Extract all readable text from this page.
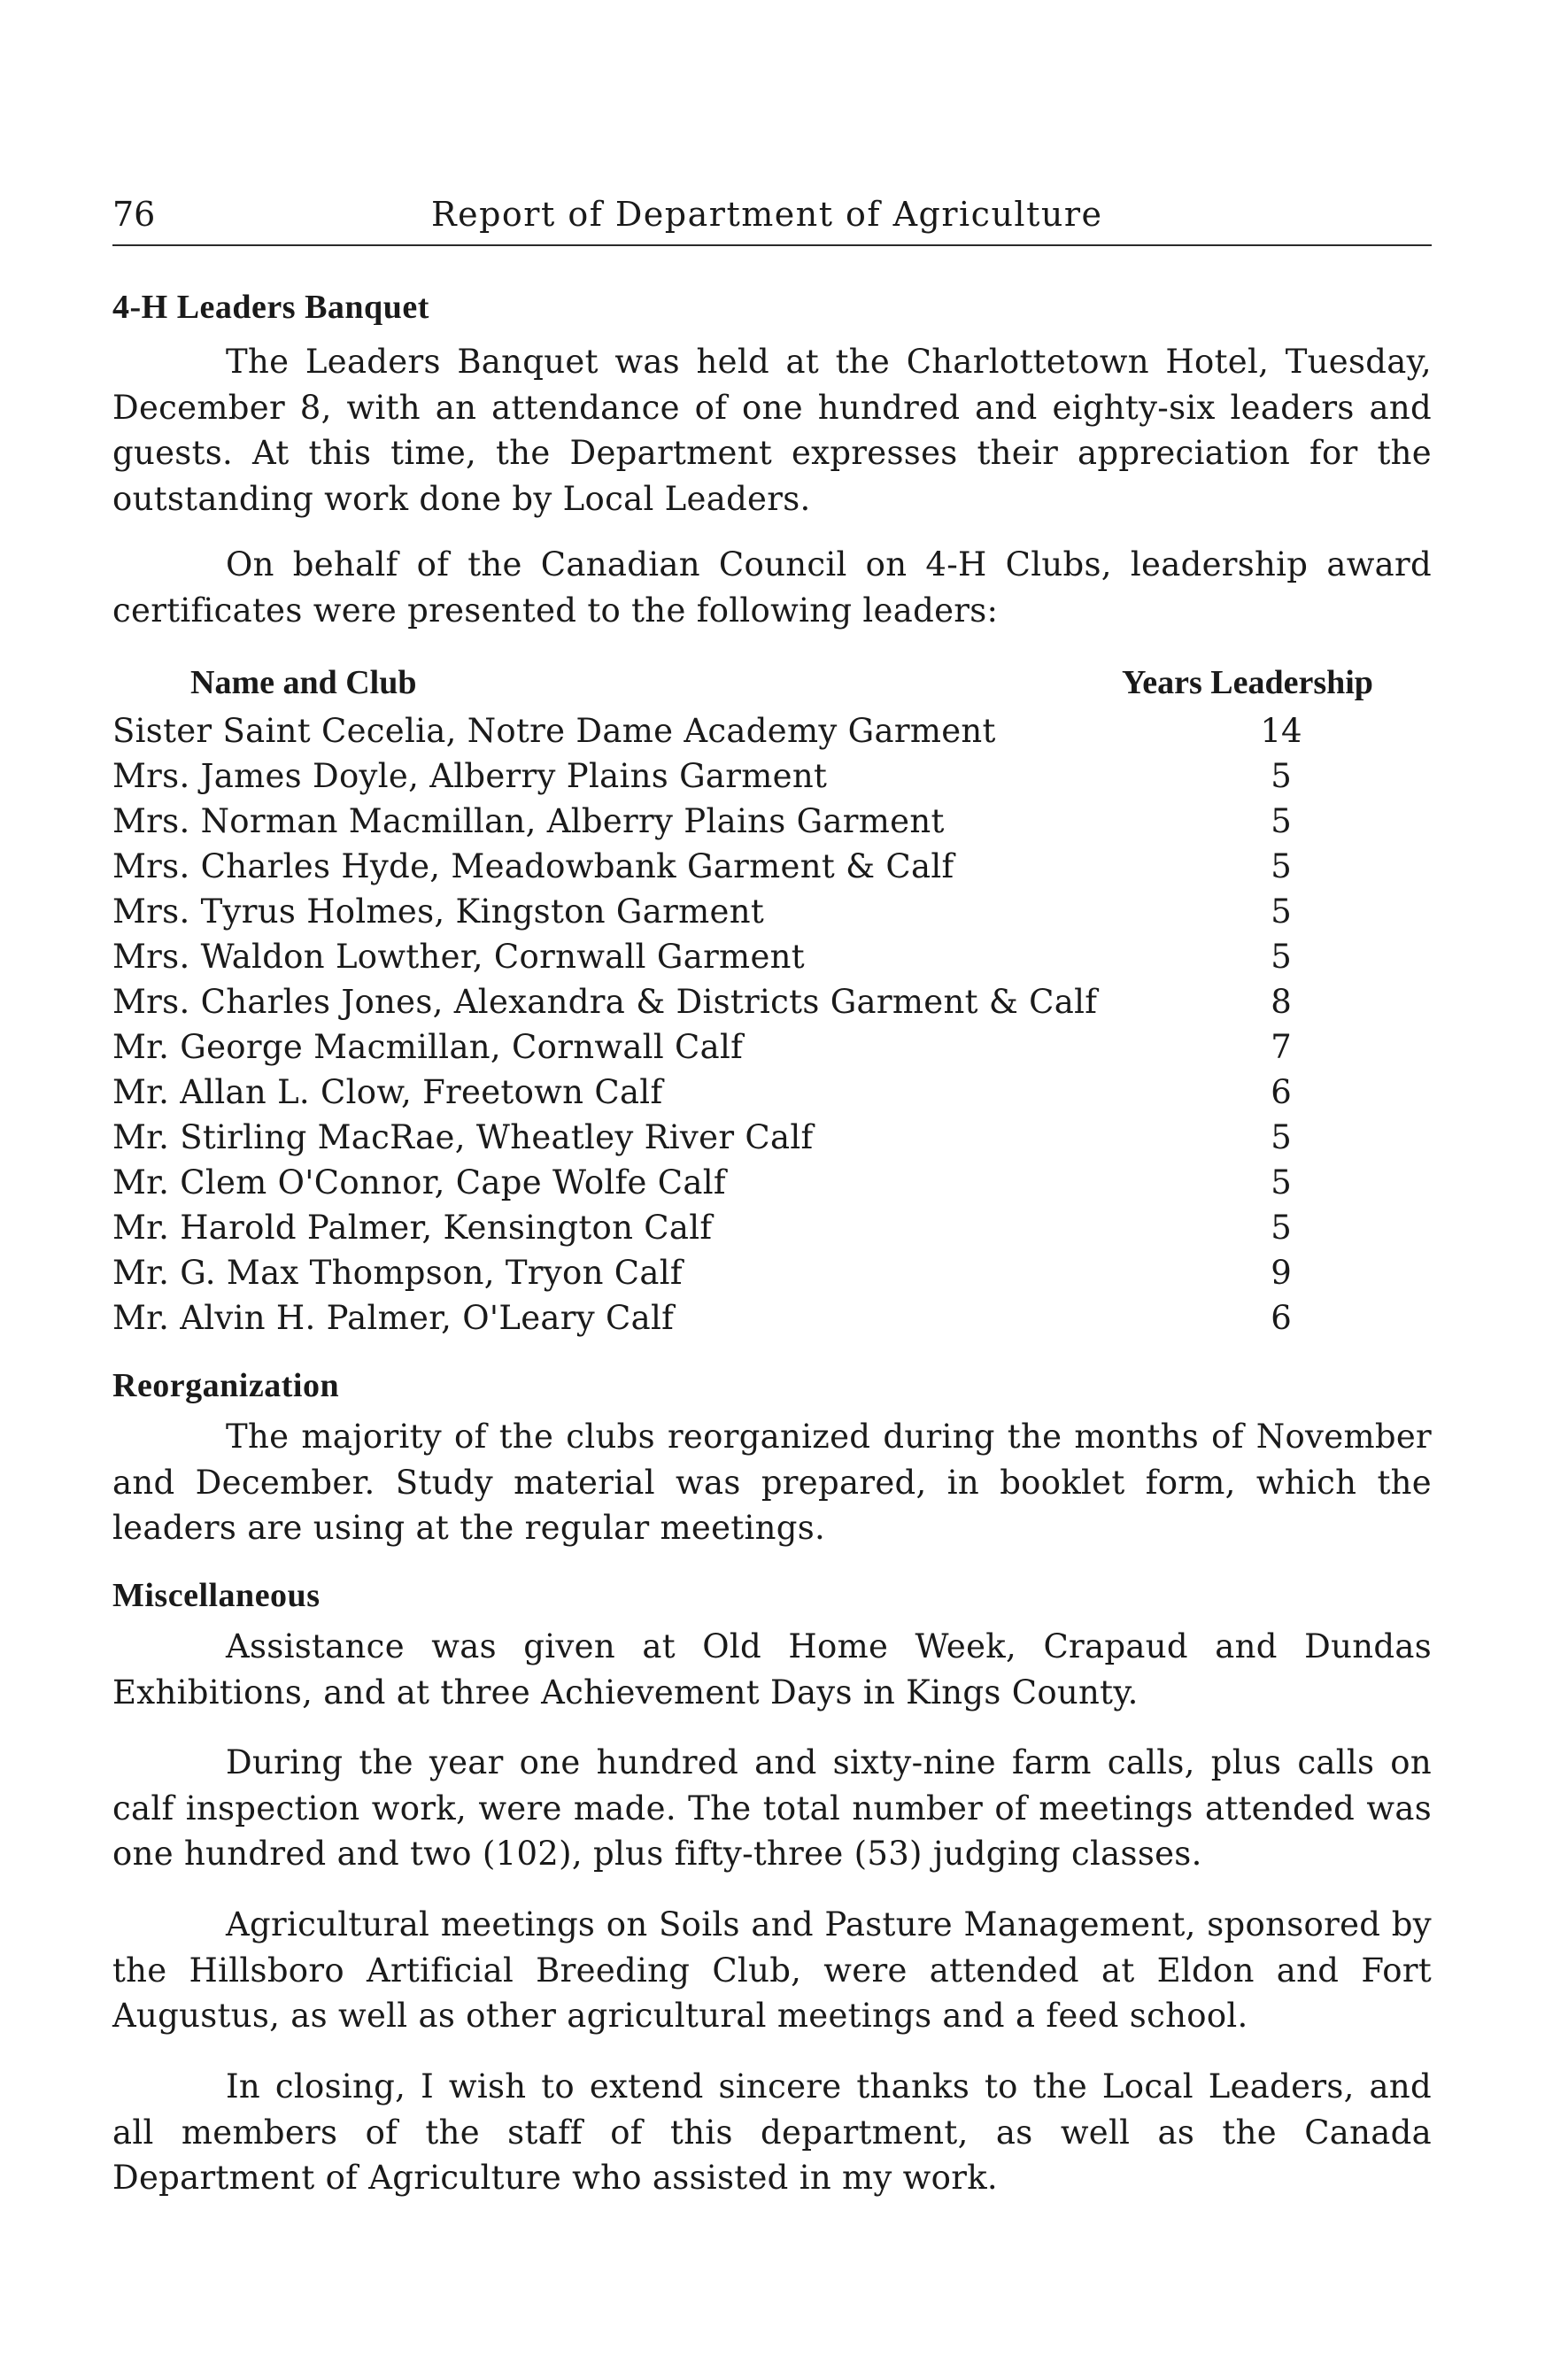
76	Report of Department of Agriculture
4-H Leaders Banquet

The Leaders Banquet was held at the Charlottetown Hotel, Tuesday, December 8, with an attendance of one hundred and eighty-six leaders and guests. At this time, the Department expresses their appreciation for the outstanding work done by Local Leaders.

On behalf of the Canadian Council on 4-H Clubs, leadership award certificates were presented to the following leaders:

Name and Club	Years Leadership
Sister Saint Cecelia, Notre Dame Academy Garment	14
Mrs. James Doyle, Alberry Plains Garment	5
Mrs. Norman Macmillan, Alberry Plains Garment	5
Mrs. Charles Hyde, Meadowbank Garment & Calf	5
Mrs. Tyrus Holmes, Kingston Garment	5
Mrs. Waldon Lowther, Cornwall Garment	5
Mrs. Charles Jones, Alexandra & Districts Garment & Calf	8
Mr. George Macmillan, Cornwall Calf	7
Mr. Allan L. Clow, Freetown Calf	6
Mr. Stirling MacRae, Wheatley River Calf	5
Mr. Clem O'Connor, Cape Wolfe Calf	5
Mr. Harold Palmer, Kensington Calf	5
Mr. G. Max Thompson, Tryon Calf	9
Mr. Alvin H. Palmer, O'Leary Calf	6
Reorganization

The majority of the clubs reorganized during the months of November and December. Study material was prepared, in booklet form, which the leaders are using at the regular meetings.

Miscellaneous

Assistance was given at Old Home Week, Crapaud and Dundas Exhibitions, and at three Achievement Days in Kings County.

During the year one hundred and sixty-nine farm calls, plus calls on calf inspection work, were made. The total number of meetings attended was one hundred and two (102), plus fifty-three (53) judging classes.

Agricultural meetings on Soils and Pasture Management, sponsored by the Hillsboro Artificial Breeding Club, were attended at Eldon and Fort Augustus, as well as other agricultural meetings and a feed school.

In closing, I wish to extend sincere thanks to the Local Leaders, and all members of the staff of this department, as well as the Canada Department of Agriculture who assisted in my work.
